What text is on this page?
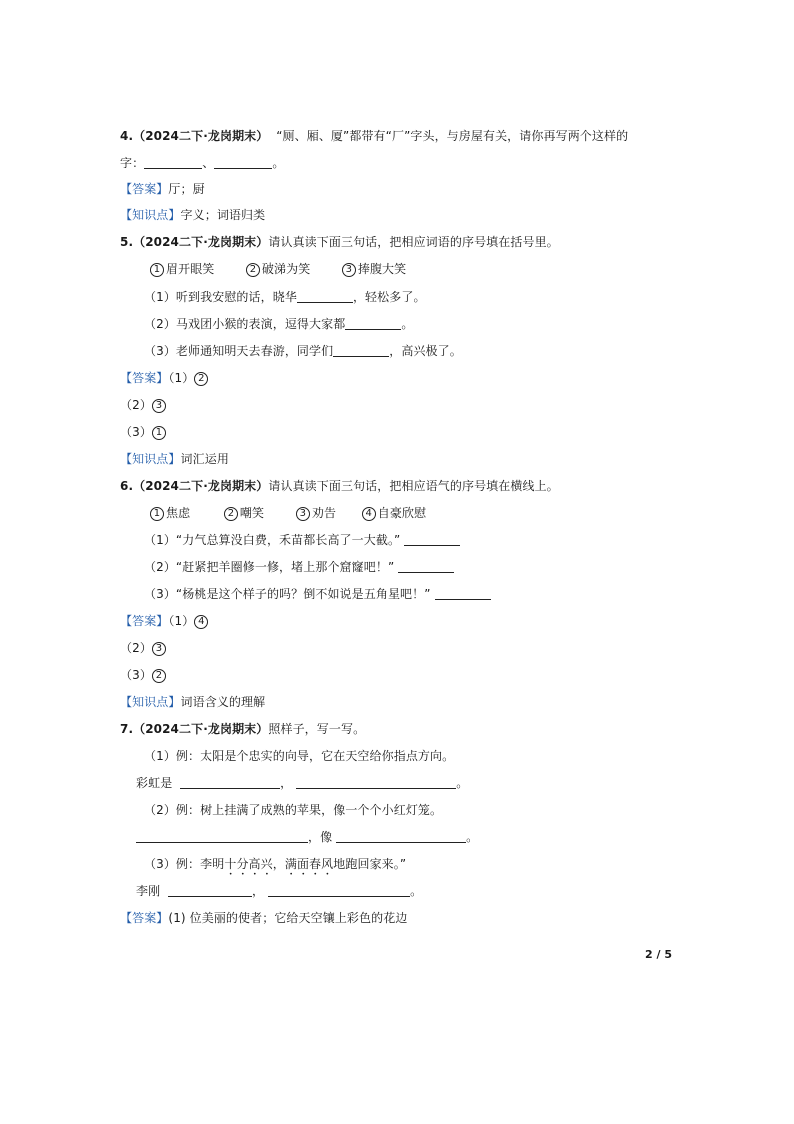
4.（2024二下·龙岗期末） “厕、厢、厦”都带有“厂”字头，与房屋有关，请你再写两个这样的
字：	、	。
【答案】厅；厨
【知识点】字义；词语归类
5.（2024二下·龙岗期末）请认真读下面三句话，把相应词语的序号填在括号里。
1 眉开眼笑	2 破涕为笑	3 捧腹大笑
（1）听到我安慰的话，晓华	，轻松多了。
（2）马戏团小猴的表演，逗得大家都	。
（3）老师通知明天去春游，同学们	，高兴极了。
【答案】（1） 2
（2） 3
（3） 1
【知识点】词汇运用
6.（2024二下·龙岗期末）请认真读下面三句话，把相应语气的序号填在横线上。
1 焦虑	2 嘲笑	3 劝告	4 自豪欣慰
（1）“力气总算没白费，禾苗都长高了一大截。”
（2）“赶紧把羊圈修一修，堵上那个窟窿吧！”
（3）“杨桃是这个样子的吗？倒不如说是五角星吧！”
【答案】（1） 4
（2） 3
（3） 2
【知识点】词语含义的理解
7.（2024二下·龙岗期末）照样子，写一写。
（1）例：太阳是个忠实的向导，它在天空给你指点方向。
彩虹是	，	。
（2）例：树上挂满了成熟的苹果，像一个个小红灯笼。
，像	。
（3）例：李明十分高兴，满面春风地跑回家来。”
李刚	，	。
【答案】(1) 位美丽的使者；它给天空镶上彩色的花边
2 / 5
